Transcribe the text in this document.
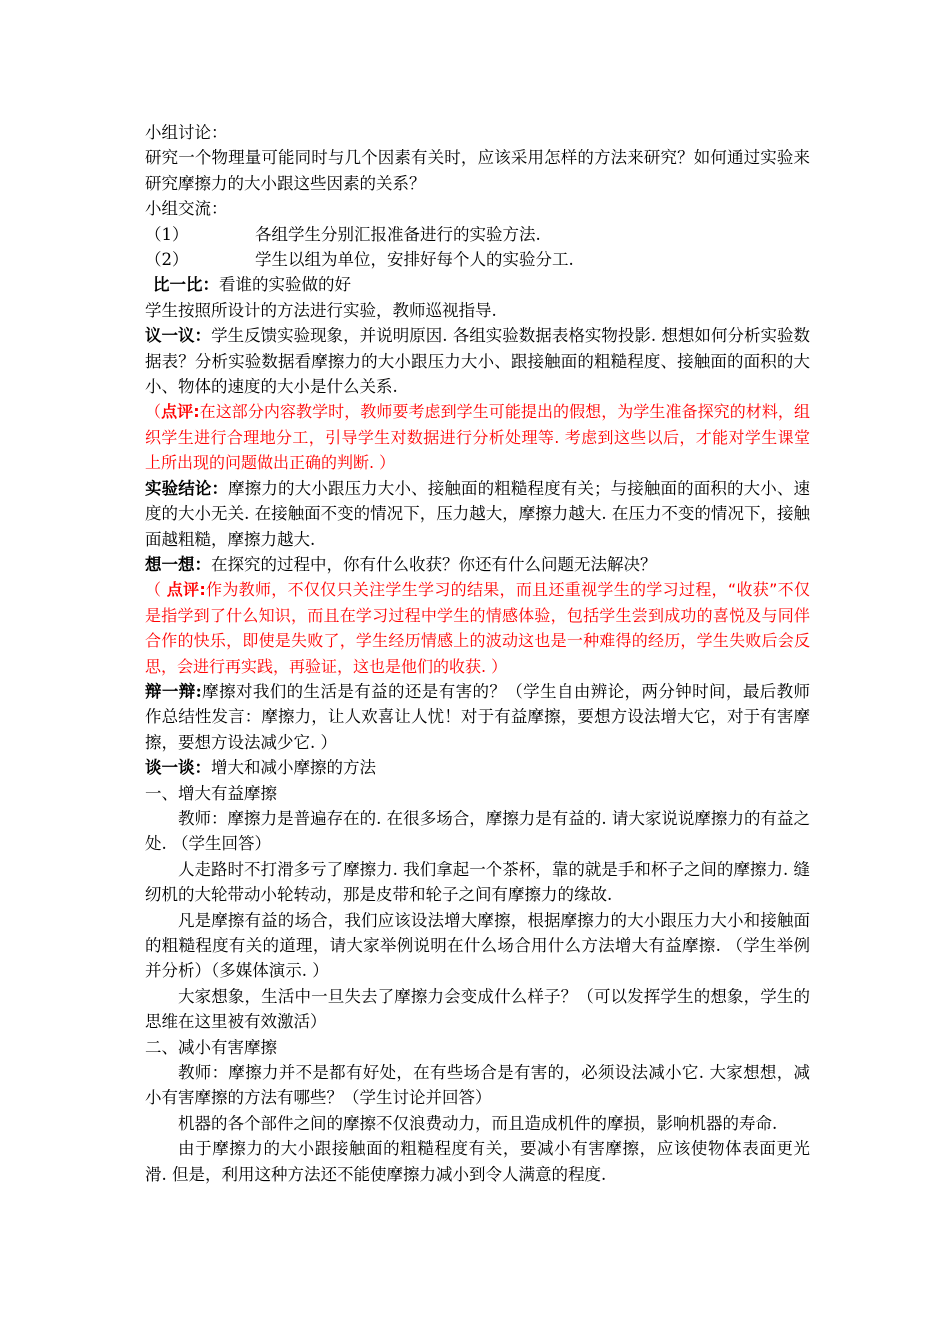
小组讨论：

研究一个物理量可能同时与几个因素有关时，应该采用怎样的方法来研究？如何通过实验来研究摩擦力的大小跟这些因素的关系？

小组交流：

（1）	各组学生分别汇报准备进行的实验方法.

（2）	学生以组为单位，安排好每个人的实验分工.

比一比：看谁的实验做的好

学生按照所设计的方法进行实验，教师巡视指导.

议一议：学生反馈实验现象，并说明原因. 各组实验数据表格实物投影. 想想如何分析实验数据表？分析实验数据看摩擦力的大小跟压力大小、跟接触面的粗糙程度、接触面的面积的大小、物体的速度的大小是什么关系.

（点评:在这部分内容教学时，教师要考虑到学生可能提出的假想，为学生准备探究的材料，组织学生进行合理地分工，引导学生对数据进行分析处理等. 考虑到这些以后，才能对学生课堂上所出现的问题做出正确的判断. ）

实验结论：摩擦力的大小跟压力大小、接触面的粗糙程度有关；与接触面的面积的大小、速度的大小无关. 在接触面不变的情况下，压力越大，摩擦力越大. 在压力不变的情况下，接触面越粗糙，摩擦力越大.

想一想：在探究的过程中，你有什么收获？你还有什么问题无法解决？

（ 点评:作为教师，不仅仅只关注学生学习的结果，而且还重视学生的学习过程，“收获”不仅是指学到了什么知识，而且在学习过程中学生的情感体验，包括学生尝到成功的喜悦及与同伴合作的快乐，即使是失败了，学生经历情感上的波动这也是一种难得的经历，学生失败后会反思，会进行再实践，再验证，这也是他们的收获. ）

辩一辩:摩擦对我们的生活是有益的还是有害的？（学生自由辨论，两分钟时间，最后教师作总结性发言：摩擦力，让人欢喜让人忧！对于有益摩擦，要想方设法增大它，对于有害摩擦，要想方设法减少它. ）

谈一谈：增大和减小摩擦的方法

一、增大有益摩擦

教师：摩擦力是普遍存在的. 在很多场合，摩擦力是有益的. 请大家说说摩擦力的有益之处. （学生回答）

人走路时不打滑多亏了摩擦力. 我们拿起一个茶杯，靠的就是手和杯子之间的摩擦力. 缝纫机的大轮带动小轮转动，那是皮带和轮子之间有摩擦力的缘故.

凡是摩擦有益的场合，我们应该设法增大摩擦，根据摩擦力的大小跟压力大小和接触面的粗糙程度有关的道理，请大家举例说明在什么场合用什么方法增大有益摩擦. （学生举例并分析）（多媒体演示. ）

大家想象，生活中一旦失去了摩擦力会变成什么样子？（可以发挥学生的想象，学生的思维在这里被有效激活）

二、减小有害摩擦

教师：摩擦力并不是都有好处，在有些场合是有害的，必须设法减小它. 大家想想，减小有害摩擦的方法有哪些？（学生讨论并回答）

机器的各个部件之间的摩擦不仅浪费动力，而且造成机件的摩损，影响机器的寿命.

由于摩擦力的大小跟接触面的粗糙程度有关，要减小有害摩擦，应该使物体表面更光滑. 但是，利用这种方法还不能使摩擦力减小到令人满意的程度.
